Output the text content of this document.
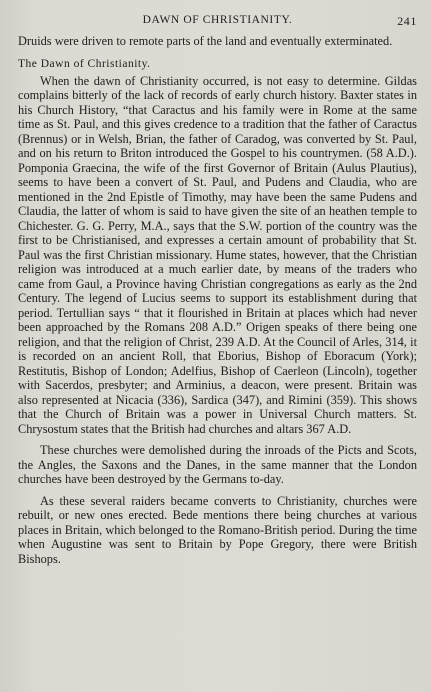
DAWN OF CHRISTIANITY.	241

Druids were driven to remote parts of the land and eventually exterminated.

The Dawn of Christianity.

When the dawn of Christianity occurred, is not easy to determine. Gildas complains bitterly of the lack of records of early church history. Baxter states in his Church History, “that Caractus and his family were in Rome at the same time as St. Paul, and this gives credence to a tradition that the father of Caractus (Brennus) or in Welsh, Brian, the father of Caradog, was converted by St. Paul, and on his return to Briton introduced the Gospel to his countrymen. (58 A.D.). Pomponia Graecina, the wife of the first Governor of Britain (Aulus Plautius), seems to have been a convert of St. Paul, and Pudens and Claudia, who are mentioned in the 2nd Epistle of Timothy, may have been the same Pudens and Claudia, the latter of whom is said to have given the site of an heathen temple to Chichester. G. G. Perry, M.A., says that the S.W. portion of the country was the first to be Christianised, and expresses a certain amount of probability that St. Paul was the first Christian missionary. Hume states, however, that the Christian religion was introduced at a much earlier date, by means of the traders who came from Gaul, a Province having Christian congregations as early as the 2nd Century. The legend of Lucius seems to support its establishment during that period. Tertullian says “ that it flourished in Britain at places which had never been approached by the Romans 208 A.D.” Origen speaks of there being one religion, and that the religion of Christ, 239 A.D. At the Council of Arles, 314, it is recorded on an ancient Roll, that Eborius, Bishop of Eboracum (York); Restitutis, Bishop of London; Adelfius, Bishop of Caerleon (Lincoln), together with Sacerdos, presbyter; and Arminius, a deacon, were present. Britain was also represented at Nicacia (336), Sardica (347), and Rimini (359). This shows that the Church of Britain was a power in Universal Church matters. St. Chrysostum states that the British had churches and altars 367 A.D.

These churches were demolished during the inroads of the Picts and Scots, the Angles, the Saxons and the Danes, in the same manner that the London churches have been destroyed by the Germans to-day.

As these several raiders became converts to Christianity, churches were rebuilt, or new ones erected. Bede mentions there being churches at various places in Britain, which belonged to the Romano-British period. During the time when Augustine was sent to Britain by Pope Gregory, there were British Bishops.
